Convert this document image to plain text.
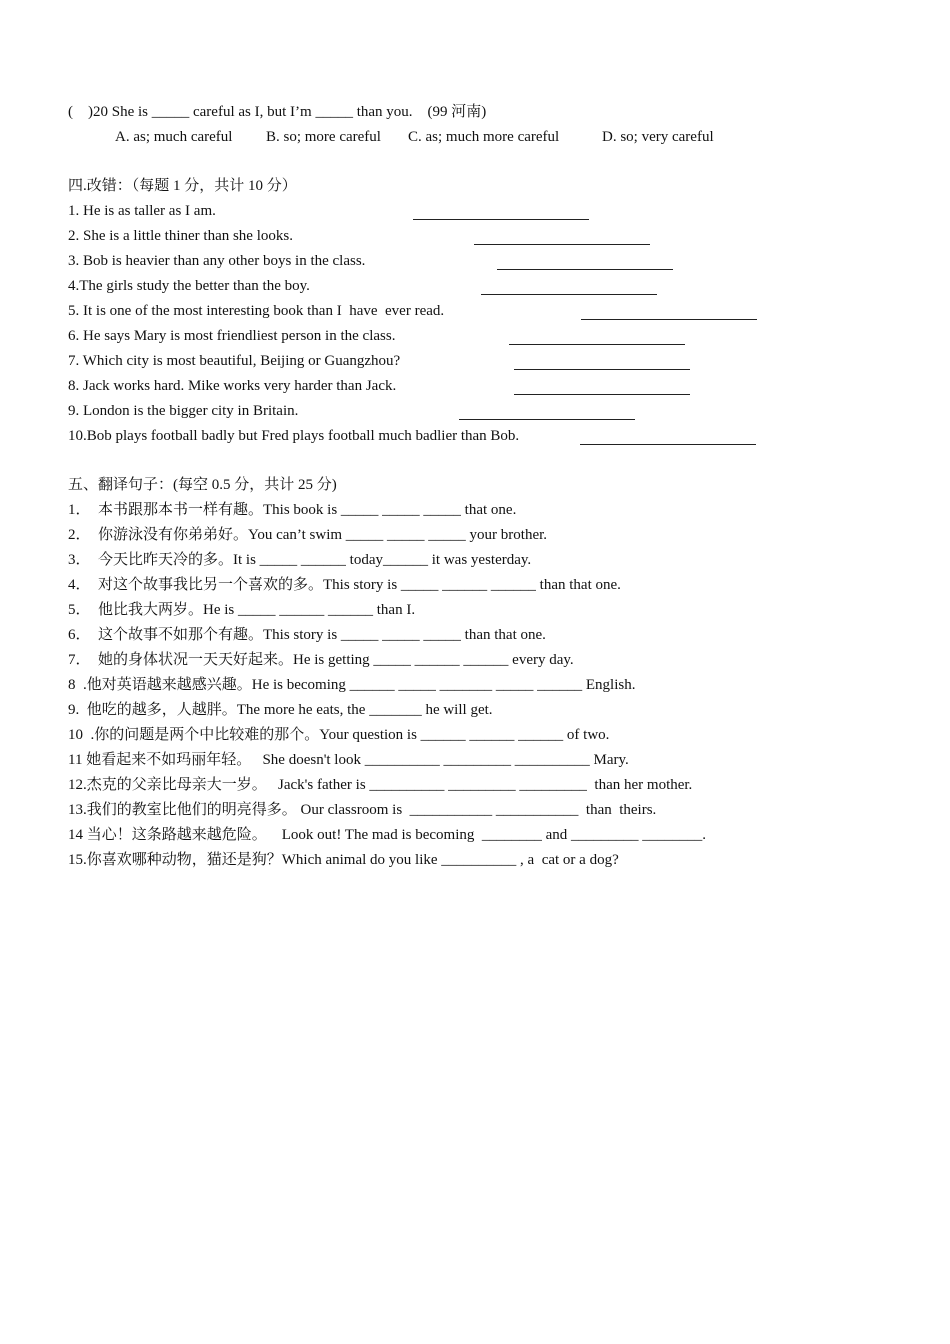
(    )20 She is _____ careful as I, but I’m _____ than you.    (99 河南)
A. as; much careful B. so; more careful C. as; much more careful	D. so; very careful
四.改错：（每题 1 分，共计 10 分）
1. He is as taller as I am.
2. She is a little thiner than she looks.
3. Bob is heavier than any other boys in the class.
4.The girls study the better than the boy.
5. It is one of the most interesting book than I  have  ever read.
6. He says Mary is most friendliest person in the class.
7. Which city is most beautiful, Beijing or Guangzhou?
8. Jack works hard. Mike works very harder than Jack.
9. London is the bigger city in Britain.
10.Bob plays football badly but Fred plays football much badlier than Bob.
五、翻译句子：(每空 0.5 分，共计 25 分)
1．  本书跟那本书一样有趣。This book is _____ _____ _____ that one.
2．  你游泳没有你弟弟好。You can’t swim _____ _____ _____ your brother.
3．  今天比昨天冷的多。It is _____ ______ today______ it was yesterday.
4．  对这个故事我比另一个喜欢的多。This story is _____ ______ ______ than that one.
5．  他比我大两岁。He is _____ ______ ______ than I.
6．  这个故事不如那个有趣。This story is _____ _____ _____ than that one.
7．  她的身体状况一天天好起来。He is getting _____ ______ ______ every day.
8  .他对英语越来越感兴趣。He is becoming ______ _____ _______ _____ ______ English.
9.  他吃的越多，人越胖。The more he eats, the _______ he will get.
10  .你的问题是两个中比较难的那个。Your question is ______ ______ ______ of two.
11 她看起来不如玛丽年轻。   She doesn't look __________ _________ __________ Mary.
12.杰克的父亲比母亲大一岁。   Jack's father is __________ _________ _________  than her mother.
13.我们的教室比他们的明亮得多。 Our classroom is  ___________ ___________  than  theirs.
14 当心！这条路越来越危险。    Look out! The mad is becoming  ________ and _________ ________.
15.你喜欢哪种动物，猫还是狗？Which animal do you like __________ , a  cat or a dog?
